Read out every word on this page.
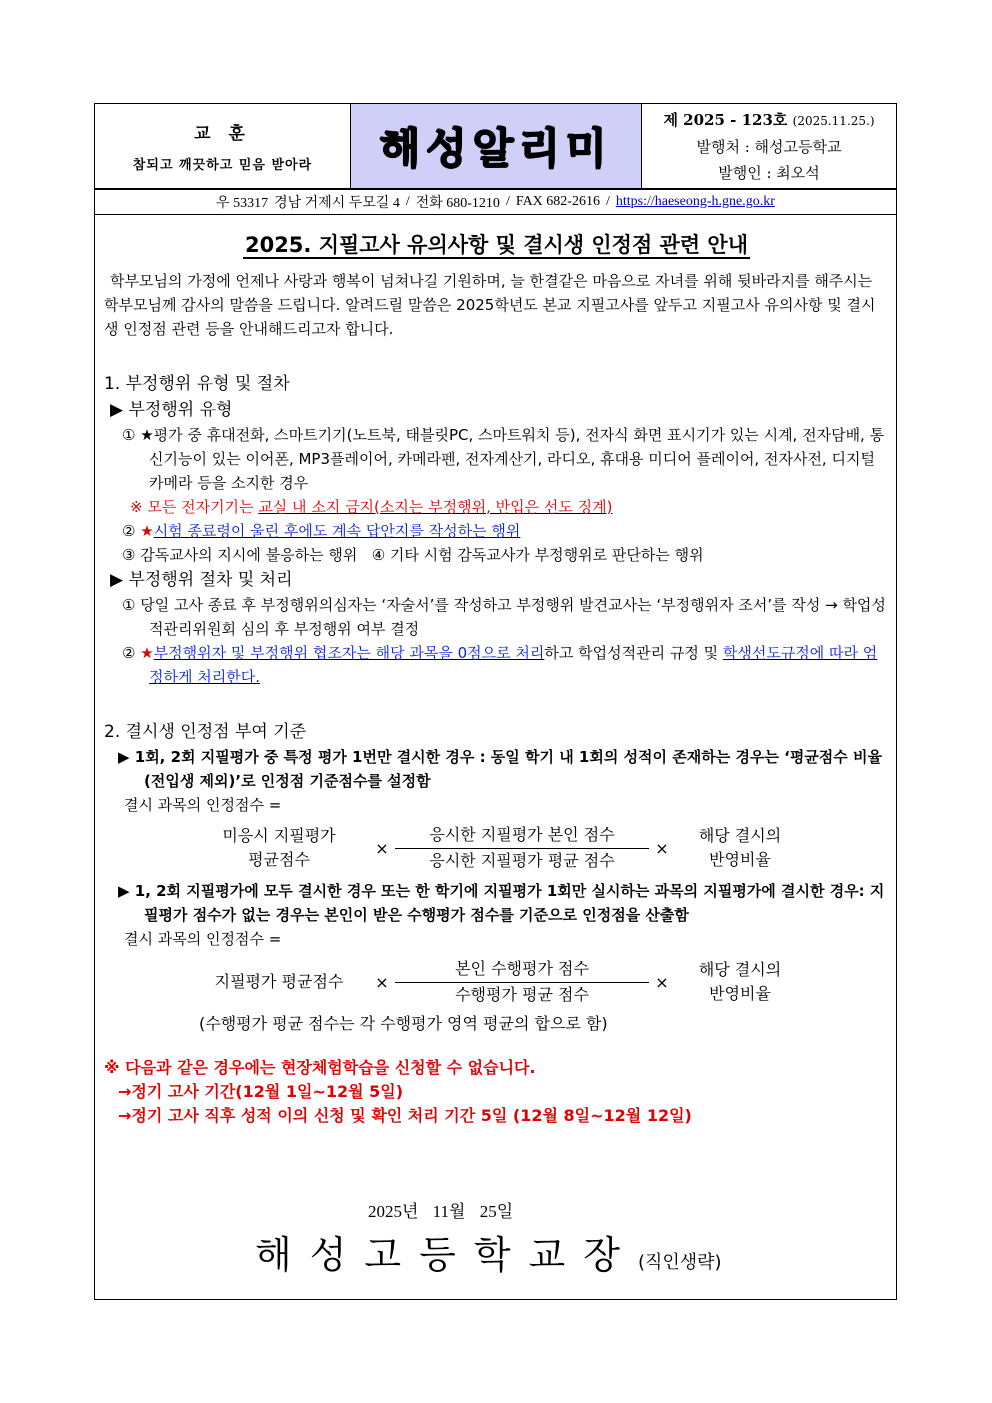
교 훈
참되고 깨끗하고 믿음 받아라 해성알리미
제 2025 - 123호 (2025.11.25.)
발행처 : 해성고등학교
발행인 : 최오석
우 53317 경남 거제시 두모길 4 / 전화 680-1210 / FAX 682-2616 / https://haeseong-h.gne.go.kr
2025. 지필고사 유의사항 및 결시생 인정점 관련 안내

학부모님의 가정에 언제나 사랑과 행복이 넘쳐나길 기원하며, 늘 한결같은 마음으로 자녀를 위해 뒷바라지를 해주시는 학부모님께 감사의 말씀을 드립니다. 알려드릴 말씀은 2025학년도 본교 지필고사를 앞두고 지필고사 유의사항 및 결시생 인정점 관련 등을 안내해드리고자 합니다.

1. 부정행위 유형 및 절차

▶ 부정행위 유형

① ★평가 중 휴대전화, 스마트기기(노트북, 태블릿PC, 스마트워치 등), 전자식 화면 표시기가 있는 시계, 전자담배, 통신기능이 있는 이어폰, MP3플레이어, 카메라펜, 전자계산기, 라디오, 휴대용 미디어 플레이어, 전자사전, 디지털 카메라 등을 소지한 경우

※ 모든 전자기기는 교실 내 소지 금지(소지는 부정행위, 반입은 선도 징계)

② ★시험 종료령이 울린 후에도 계속 답안지를 작성하는 행위

③ 감독교사의 지시에 불응하는 행위 ④ 기타 시험 감독교사가 부정행위로 판단하는 행위

▶ 부정행위 절차 및 처리

① 당일 고사 종료 후 부정행위의심자는 ‘자술서’를 작성하고 부정행위 발견교사는 ‘부정행위자 조서’를 작성 → 학업성적관리위원회 심의 후 부정행위 여부 결정

② ★부정행위자 및 부정행위 협조자는 해당 과목을 0점으로 처리하고 학업성적관리 규정 및 학생선도규정에 따라 엄정하게 처리한다.

2. 결시생 인정점 부여 기준

▶ 1회, 2회 지필평가 중 특정 평가 1번만 결시한 경우 : 동일 학기 내 1회의 성적이 존재하는 경우는 ‘평균점수 비율(전입생 제외)’로 인정점 기준점수를 설정함

결시 과목의 인정점수 =

미응시 지필평가
평균점수
× $\frac{\text{응시한 지필평가 본인 점수}}{\text{응시한 지필평가 평균 점수}}$ ×
해당 결시의
반영비율

▶ 1, 2회 지필평가에 모두 결시한 경우 또는 한 학기에 지필평가 1회만 실시하는 과목의 지필평가에 결시한 경우: 지필평가 점수가 없는 경우는 본인이 받은 수행평가 점수를 기준으로 인정점을 산출함

결시 과목의 인정점수 =

지필평가 평균점수	× $\frac{\text{본인 수행평가 점수}}{\text{수행평가 평균 점수}}$ ×
해당 결시의
반영비율

(수행평가 평균 점수는 각 수행평가 영역 평균의 합으로 함)

※ 다음과 같은 경우에는 현장체험학습을 신청할 수 없습니다.

→정기 고사 기간(12월 1일~12월 5일)

→정기 고사 직후 성적 이의 신청 및 확인 처리 기간 5일 (12월 8일~12월 12일)

2025년 11월 25일
해성고등학교장(직인생략)
